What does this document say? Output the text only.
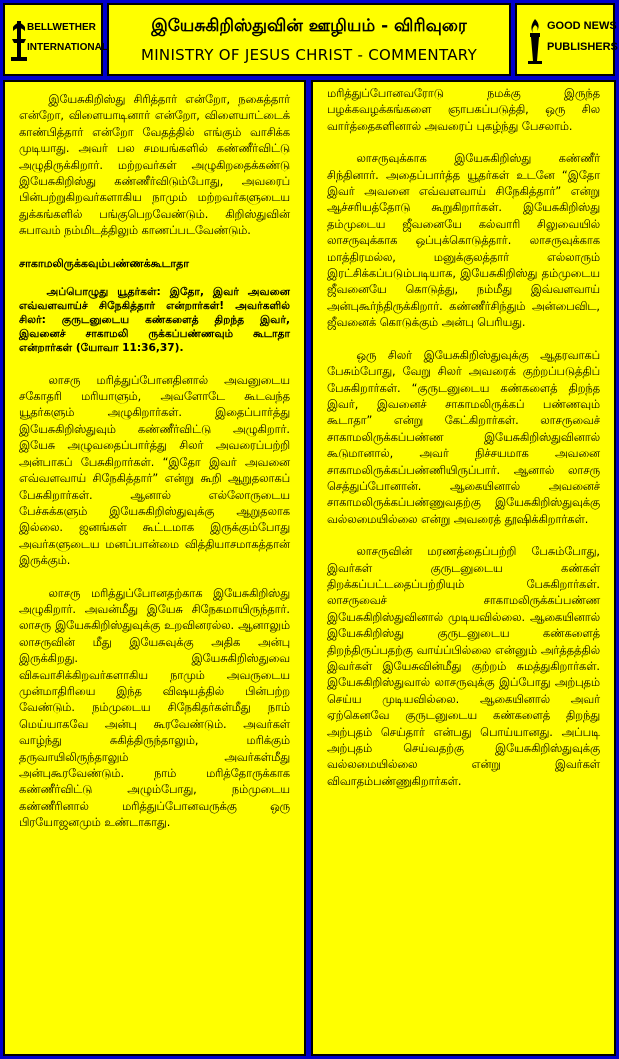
BELLWETHER
INTERNATIONAL
இயேசுகிறிஸ்துவின் ஊழியம் - விரிவுரை
MINISTRY OF JESUS CHRIST - COMMENTARY
GOOD NEWS
PUBLISHERS

இயேசுகிறிஸ்து சிரித்தார் என்றோ, நகைத்தார் என்றோ, விளையாடினார் என்றோ, விளையாட்டைக் காண்பித்தார் என்றோ வேதத்தில் எங்கும் வாசிக்க முடியாது. அவர் பல சமயங்களில் கண்ணீர்விட்டு அழுதிருக்கிறார். மற்றவர்கள் அழுகிறதைக்கண்டு இயேசுகிறிஸ்து கண்ணீர்விடும்போது, அவரைப் பின்பற்றுகிறவர்களாகிய நாமும் மற்றவர்களுடைய துக்கங்களில் பங்குபெறவேண்டும். கிறிஸ்துவின் சுபாவம் நம்மிடத்திலும் காணப்படவேண்டும்.

சாகாமலிருக்கவும்பண்ணக்கூடாதா

அப்பொழுது யூதர்கள்: இதோ, இவர் அவனை எவ்வளவாய்ச் சிநேகித்தார் என்றார்கள்! அவர்களில் சிலர்: குருடனுடைய கண்களைத் திறந்த இவர், இவனைச் சாகாமலி ருக்கப்பண்ணவும் கூடாதா என்றார்கள் (யோவா 11:36,37).

லாசரு மரித்துப்போனதினால் அவனுடைய சகோதரி மரியாளும், அவளோடே கூடவந்த யூதர்களும் அழுகிறார்கள். இதைப்பார்த்து இயேசுகிறிஸ்துவும் கண்ணீர்விட்டு அழுகிறார். இயேசு அழுவதைப்பார்த்து சிலர் அவரைப்பற்றி அன்பாகப் பேசுகிறார்கள். “இதோ இவர் அவனை எவ்வளவாய் சிநேகித்தார்” என்று கூறி ஆறுதலாகப் பேசுகிறார்கள். ஆனால் எல்லோருடைய பேச்சுக்களும் இயேசுகிறிஸ்துவுக்கு ஆறுதலாக இல்லை. ஜனங்கள் கூட்டமாக இருக்கும்போது அவர்களுடைய மனப்பான்மை வித்தியாசமாகத்தான் இருக்கும்.

லாசரு மரித்துப்போனதற்காக இயேசுகிறிஸ்து அழுகிறார். அவன்மீது இயேசு சிநேகமாயிருந்தார். லாசரு இயேசுகிறிஸ்துவுக்கு உறவினரல்ல. ஆனாலும் லாசருவின் மீது இயேசுவுக்கு அதிக அன்பு இருக்கிறது. இயேசுகிறிஸ்துவை விசுவாசிக்கிறவர்களாகிய நாமும் அவருடைய முன்மாதிரியை இந்த விஷயத்தில் பின்பற்ற வேண்டும். நம்முடைய சிநேகிதர்கள்மீது நாம் மெய்யாகவே அன்பு கூரவேண்டும். அவர்கள் வாழ்ந்து சுகித்திருந்தாலும், மரிக்கும் தருவாயிலிருந்தாலும் அவர்கள்மீது அன்புகூரவேண்டும். நாம் மரித்தோருக்காக கண்ணீர்விட்டு அழும்போது, நம்முடைய கண்ணீரினால் மரித்துப்போனவருக்கு ஒரு பிரயோஜனமும் உண்டாகாது.

மரித்துப்போனவரோடு நமக்கு இருந்த பழக்கவழக்கங்களை ஞாபகப்படுத்தி, ஒரு சில வார்த்தைகளினால் அவரைப் புகழ்ந்து பேசலாம்.

லாசருவுக்காக இயேசுகிறிஸ்து கண்ணீர் சிந்தினார். அதைப்பார்த்த யூதர்கள் உடனே “இதோ இவர் அவனை எவ்வளவாய் சிநேகித்தார்” என்று ஆச்சரியத்தோடு கூறுகிறார்கள். இயேசுகிறிஸ்து தம்முடைய ஜீவனையே கல்வாரி சிலுவையில் லாசருவுக்காக ஒப்புக்கொடுத்தார். லாசருவுக்காக மாத்திரமல்ல, மனுக்குலத்தார் எல்லாரும் இரட்சிக்கப்படும்படியாக, இயேசுகிறிஸ்து தம்முடைய ஜீவனையே கொடுத்து, நம்மீது இவ்வளவாய் அன்புகூர்ந்திருக்கிறார். கண்ணீர்சிந்தும் அன்பைவிட, ஜீவனைக் கொடுக்கும் அன்பு பெரியது.

ஒரு சிலர் இயேசுகிறிஸ்துவுக்கு ஆதரவாகப் பேசும்போது, வேறு சிலர் அவரைக் குற்றப்படுத்திப் பேசுகிறார்கள். “குருடனுடைய கண்களைத் திறந்த இவர், இவனைச் சாகாமலிருக்கப் பண்ணவும் கூடாதா” என்று கேட்கிறார்கள். லாசருவைச் சாகாமலிருக்கப்பண்ண இயேசுகிறிஸ்துவினால் கூடுமானால், அவர் நிச்சயமாக அவனை சாகாமலிருக்கப்பண்ணியிருப்பார். ஆனால் லாசரு செத்துப்போனான். ஆகையினால் அவனைச் சாகாமலிருக்கப்பண்ணுவதற்கு இயேசுகிறிஸ்துவுக்கு வல்லமையில்லை என்று அவரைத் தூஷிக்கிறார்கள்.

லாசருவின் மரணத்தைப்பற்றி பேசும்போது, இவர்கள் குருடனுடைய கண்கள் திறக்கப்பட்டதைப்பற்றியும் பேசுகிறார்கள். லாசருவைச் சாகாமலிருக்கப்பண்ண இயேசுகிறிஸ்துவினால் முடியவில்லை. ஆகையினால் இயேசுகிறிஸ்து குருடனுடைய கண்களைத் திறந்திருப்பதற்கு வாய்ப்பில்லை என்னும் அர்த்தத்தில் இவர்கள் இயேசுவின்மீது குற்றம் சுமத்துகிறார்கள். இயேசுகிறிஸ்துவால் லாசருவுக்கு இப்போது அற்புதம் செய்ய முடியவில்லை. ஆகையினால் அவர் ஏற்கெனவே குருடனுடைய கண்களைத் திறந்து அற்புதம் செய்தார் என்பது பொய்யானது. அப்படி அற்புதம் செய்வதற்கு இயேசுகிறிஸ்துவுக்கு வல்லமையில்லை என்று இவர்கள் விவாதம்பண்ணுகிறார்கள்.
